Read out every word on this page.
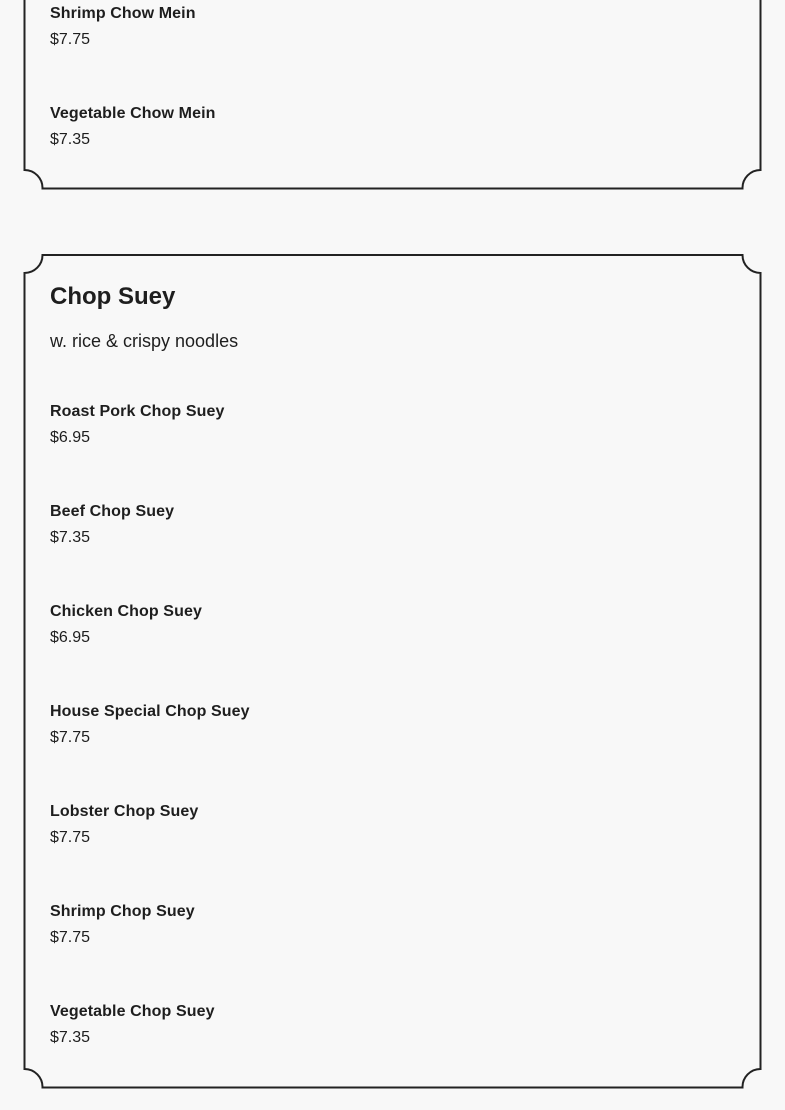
Shrimp Chow Mein
$7.75
Vegetable Chow Mein
$7.35
Chop Suey
w. rice & crispy noodles
Roast Pork Chop Suey
$6.95
Beef Chop Suey
$7.35
Chicken Chop Suey
$6.95
House Special Chop Suey
$7.75
Lobster Chop Suey
$7.75
Shrimp Chop Suey
$7.75
Vegetable Chop Suey
$7.35
